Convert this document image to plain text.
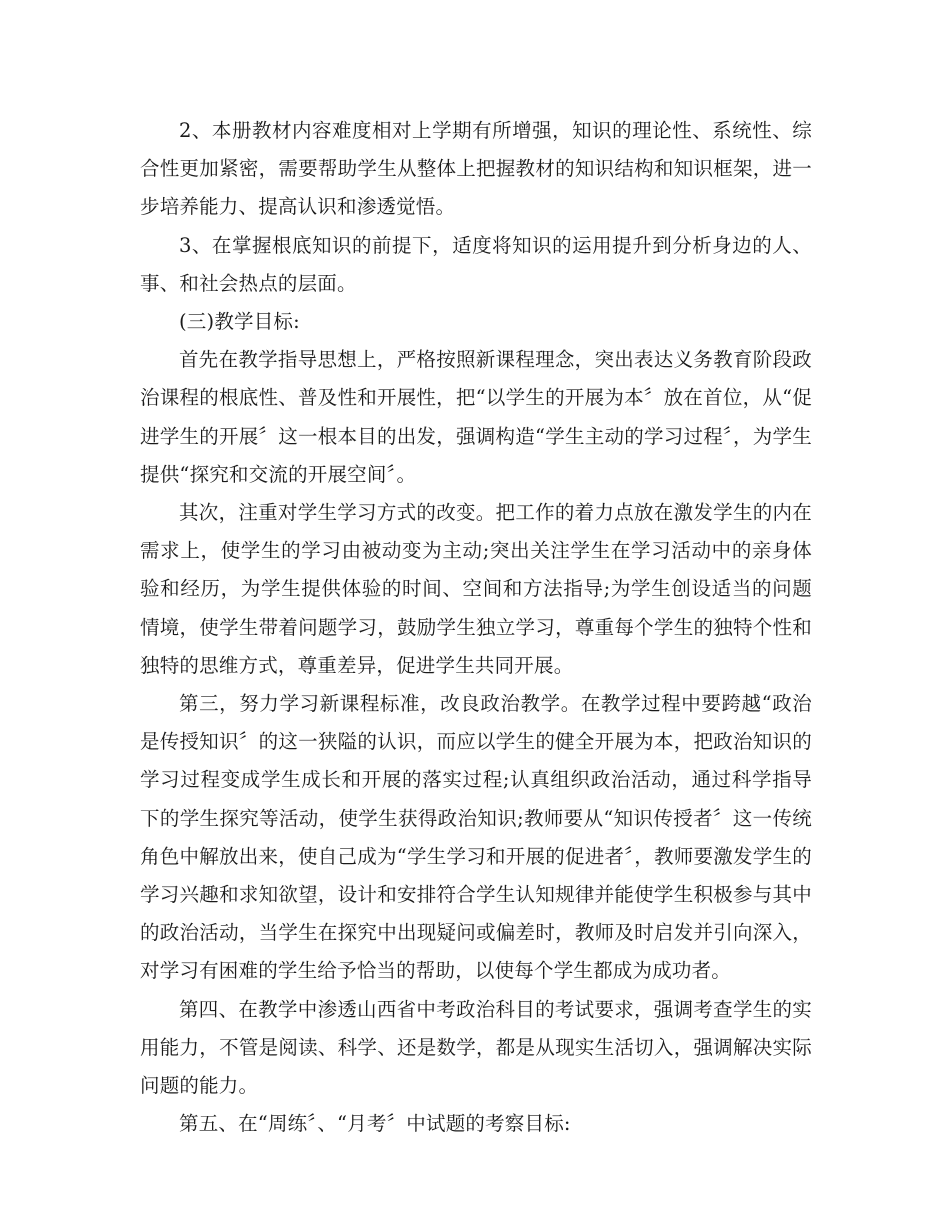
2、本册教材内容难度相对上学期有所增强，知识的理论性、系统性、综合性更加紧密，需要帮助学生从整体上把握教材的知识结构和知识框架，进一步培养能力、提高认识和渗透觉悟。

3、在掌握根底知识的前提下，适度将知识的运用提升到分析身边的人、事、和社会热点的层面。

(三)教学目标:

首先在教学指导思想上，严格按照新课程理念，突出表达义务教育阶段政治课程的根底性、普及性和开展性，把“以学生的开展为本〞放在首位，从“促进学生的开展〞这一根本目的出发，强调构造“学生主动的学习过程〞，为学生提供“探究和交流的开展空间〞。

其次，注重对学生学习方式的改变。把工作的着力点放在激发学生的内在需求上，使学生的学习由被动变为主动;突出关注学生在学习活动中的亲身体验和经历，为学生提供体验的时间、空间和方法指导;为学生创设适当的问题情境，使学生带着问题学习，鼓励学生独立学习，尊重每个学生的独特个性和独特的思维方式，尊重差异，促进学生共同开展。

第三，努力学习新课程标准，改良政治教学。在教学过程中要跨越“政治是传授知识〞的这一狭隘的认识，而应以学生的健全开展为本，把政治知识的学习过程变成学生成长和开展的落实过程;认真组织政治活动，通过科学指导下的学生探究等活动，使学生获得政治知识;教师要从“知识传授者〞这一传统角色中解放出来，使自己成为“学生学习和开展的促进者〞，教师要激发学生的学习兴趣和求知欲望，设计和安排符合学生认知规律并能使学生积极参与其中的政治活动，当学生在探究中出现疑问或偏差时，教师及时启发并引向深入，对学习有困难的学生给予恰当的帮助，以使每个学生都成为成功者。

第四、在教学中渗透山西省中考政治科目的考试要求，强调考查学生的实用能力，不管是阅读、科学、还是数学，都是从现实生活切入，强调解决实际问题的能力。

第五、在“周练〞、“月考〞中试题的考察目标:
